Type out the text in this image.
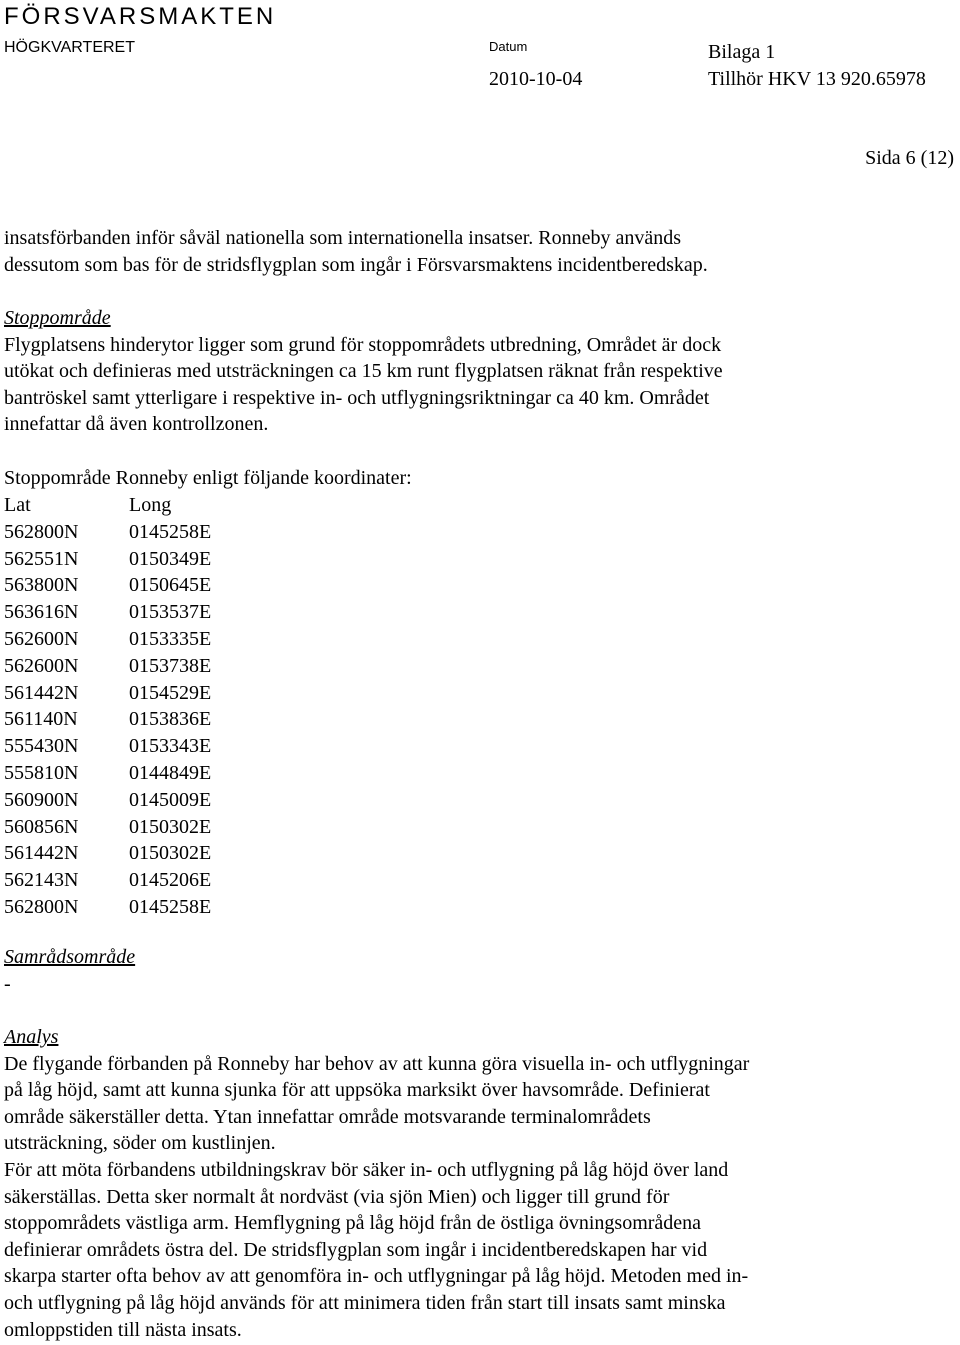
FÖRSVARSMAKTEN
HÖGKVARTERET	Datum
2010-10-04
Bilaga 1
Tillhör HKV 13 920.65978
Sida 6 (12)
insatsförbanden inför såväl nationella som internationella insatser. Ronneby används
dessutom som bas för de stridsflygplan som ingår i Försvarsmaktens incidentberedskap.
Stoppområde
Flygplatsens hinderytor ligger som grund för stoppområdets utbredning, Området är dock
utökat och definieras med utsträckningen ca 15 km runt flygplatsen räknat från respektive
bantröskel samt ytterligare i respektive in- och utflygningsriktningar ca 40 km. Området
innefattar då även kontrollzonen.
Stoppområde Ronneby enligt följande koordinater:
Lat	Long
562800N	0145258E
562551N	0150349E
563800N	0150645E
563616N	0153537E
562600N	0153335E
562600N	0153738E
561442N	0154529E
561140N	0153836E
555430N	0153343E
555810N	0144849E
560900N	0145009E
560856N	0150302E
561442N	0150302E
562143N	0145206E
562800N	0145258E
Samrådsområde
-
Analys
De flygande förbanden på Ronneby har behov av att kunna göra visuella in- och utflygningar
på låg höjd, samt att kunna sjunka för att uppsöka marksikt över havsområde. Definierat
område säkerställer detta. Ytan innefattar område motsvarande terminalområdets
utsträckning, söder om kustlinjen.
För att möta förbandens utbildningskrav bör säker in- och utflygning på låg höjd över land
säkerställas. Detta sker normalt åt nordväst (via sjön Mien) och ligger till grund för
stoppområdets västliga arm. Hemflygning på låg höjd från de östliga övningsområdena
definierar områdets östra del. De stridsflygplan som ingår i incidentberedskapen har vid
skarpa starter ofta behov av att genomföra in- och utflygningar på låg höjd. Metoden med in-
och utflygning på låg höjd används för att minimera tiden från start till insats samt minska
omloppstiden till nästa insats.
